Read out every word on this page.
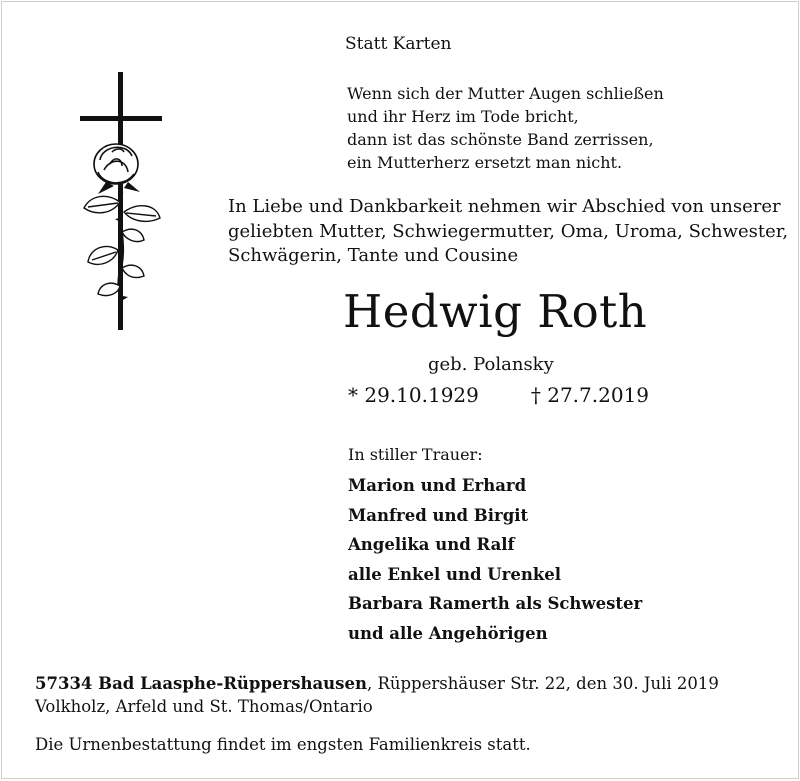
Statt Karten
Wenn sich der Mutter Augen schließen
und ihr Herz im Tode bricht,
dann ist das schönste Band zerrissen,
ein Mutterherz ersetzt man nicht.
In Liebe und Dankbarkeit nehmen wir Abschied von unserer
geliebten Mutter, Schwiegermutter, Oma, Uroma, Schwester,
Schwägerin, Tante und Cousine
Hedwig Roth
geb. Polansky
* 29.10.1929	† 27.7.2019
In stiller Trauer:
Marion und Erhard
Manfred und Birgit
Angelika und Ralf
alle Enkel und Urenkel
Barbara Ramerth als Schwester
und alle Angehörigen
57334 Bad Laasphe-Rüppershausen, Rüppershäuser Str. 22, den 30. Juli 2019
Volkholz, Arfeld und St. Thomas/Ontario
Die Urnenbestattung findet im engsten Familienkreis statt.
